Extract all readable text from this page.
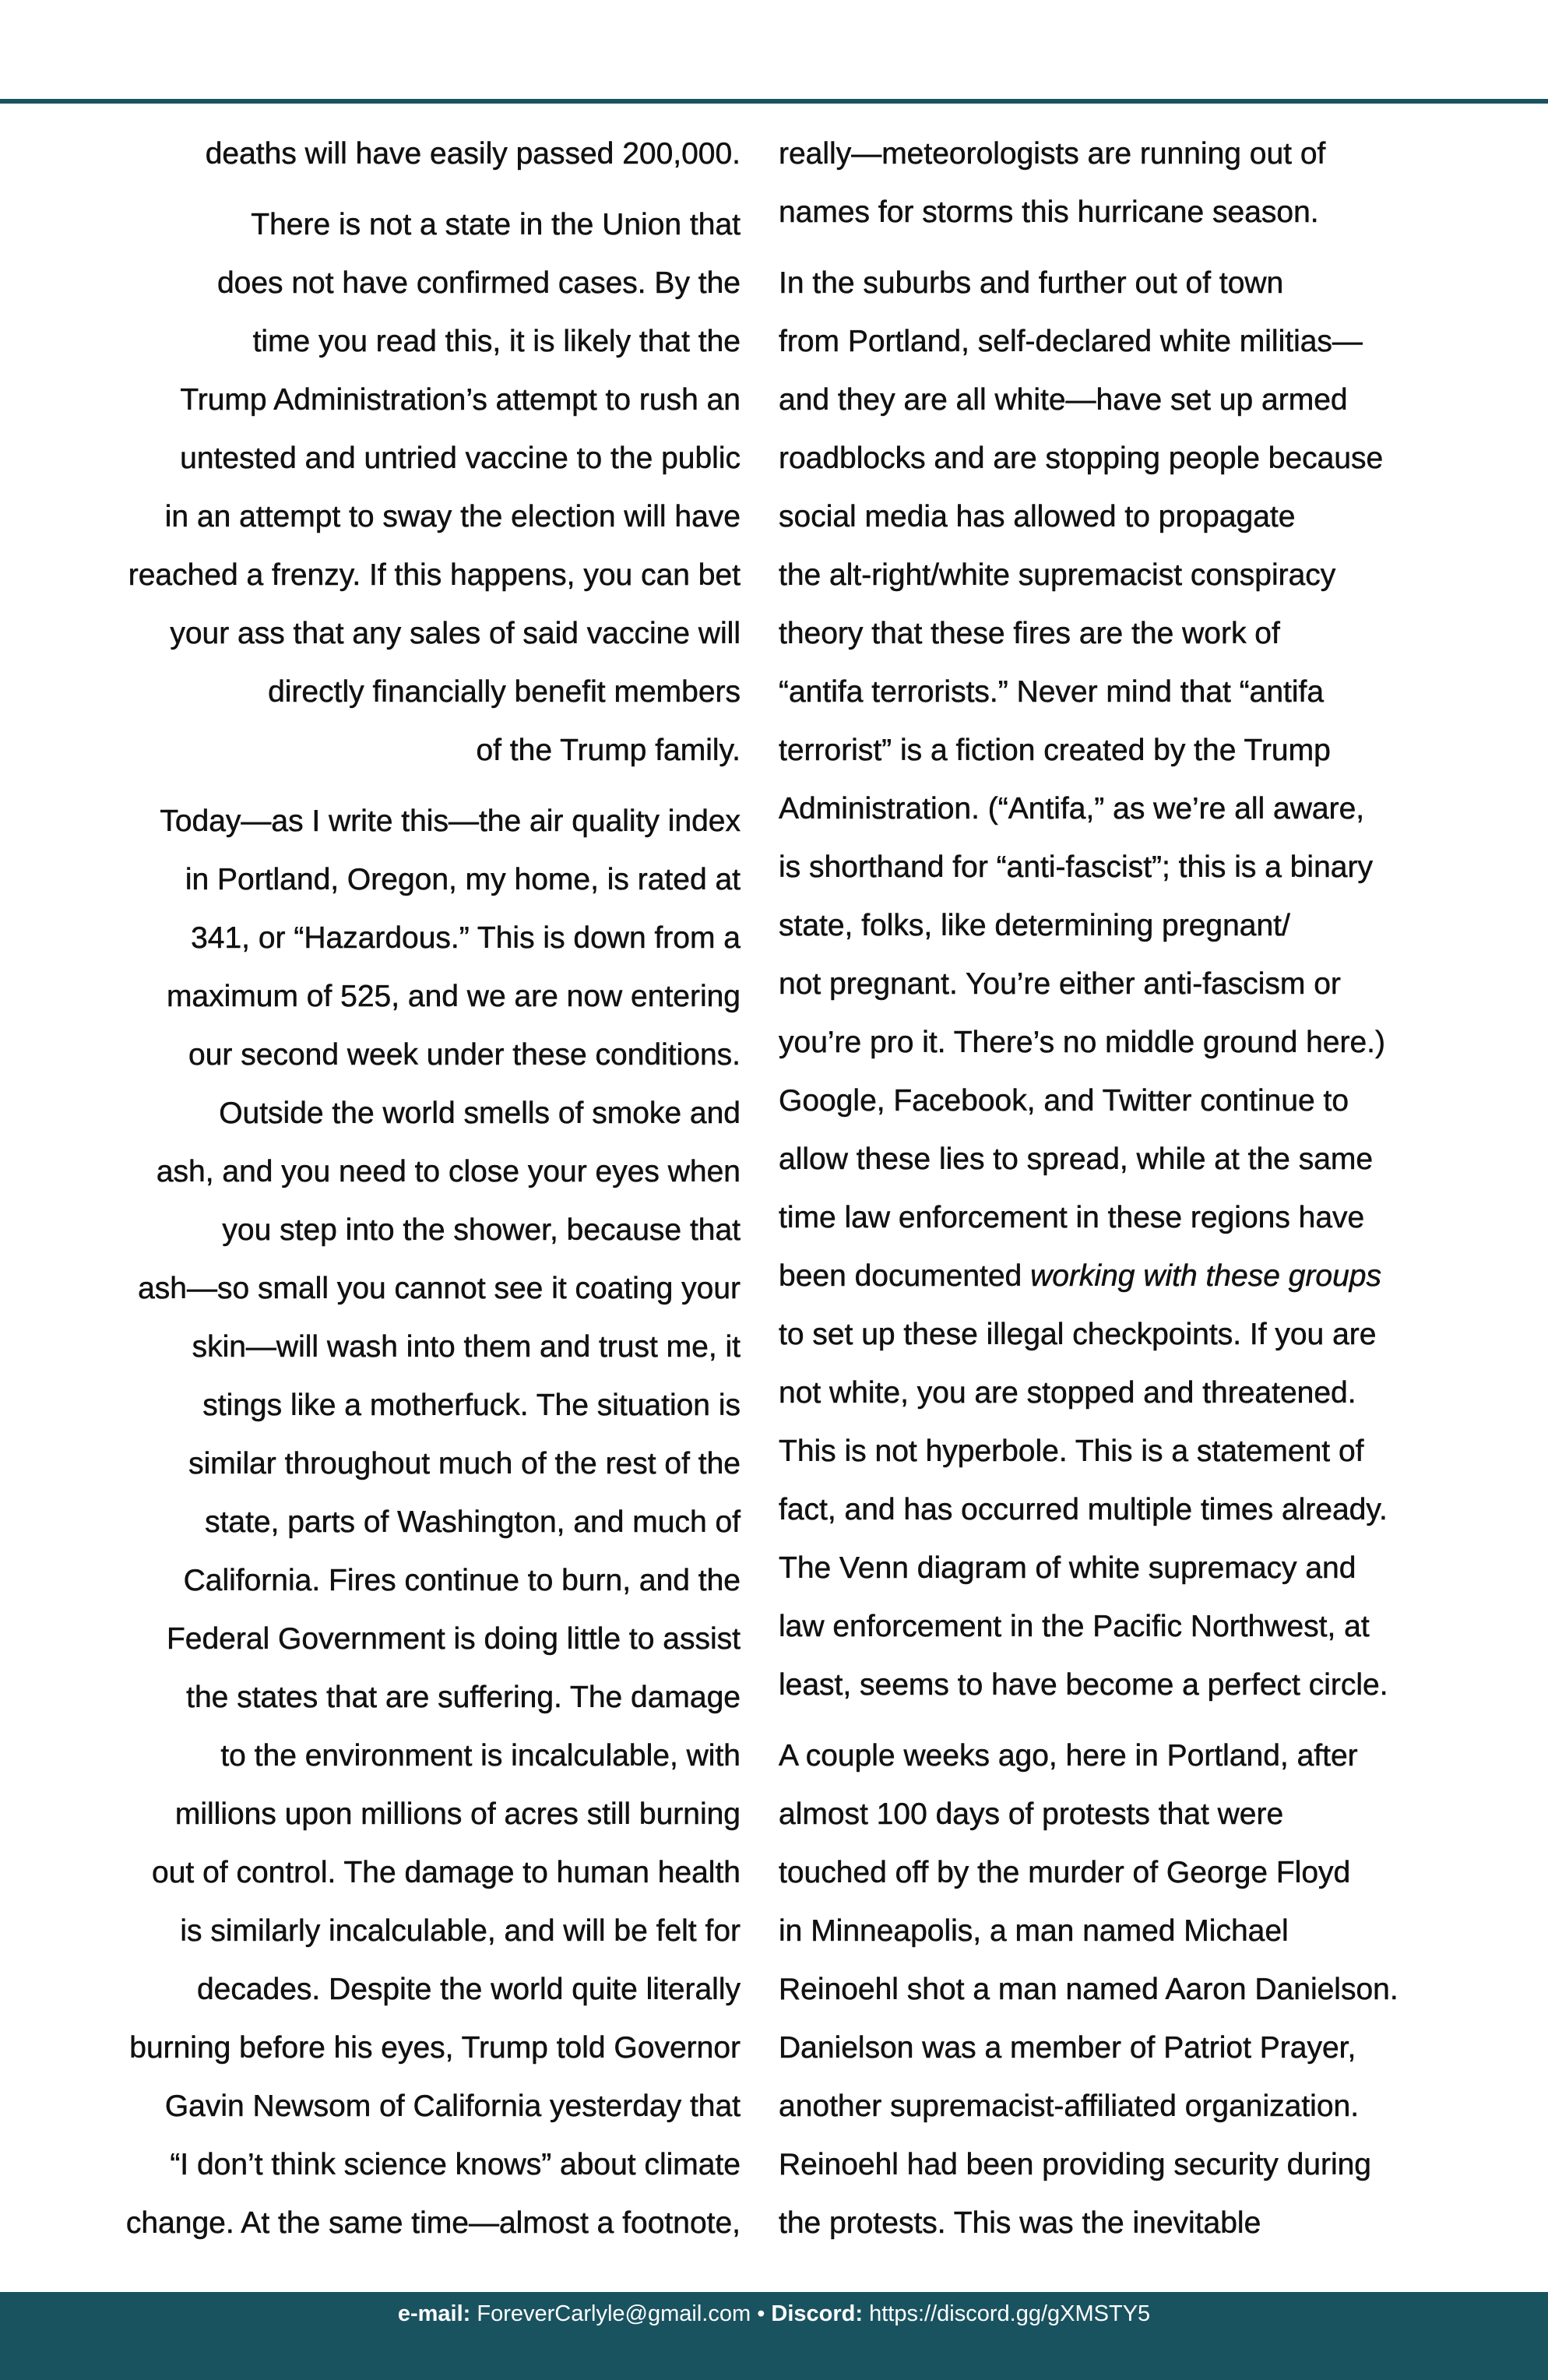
deaths will have easily passed 200,000.
There is not a state in the Union that
does not have confirmed cases. By the
time you read this, it is likely that the
Trump Administration’s attempt to rush an
untested and untried vaccine to the public
in an attempt to sway the election will have
reached a frenzy. If this happens, you can bet
your ass that any sales of said vaccine will
directly financially benefit members
of the Trump family.
Today—as I write this—the air quality index
in Portland, Oregon, my home, is rated at
341, or “Hazardous.” This is down from a
maximum of 525, and we are now entering
our second week under these conditions.
Outside the world smells of smoke and
ash, and you need to close your eyes when
you step into the shower, because that
ash—so small you cannot see it coating your
skin—will wash into them and trust me, it
stings like a motherfuck. The situation is
similar throughout much of the rest of the
state, parts of Washington, and much of
California. Fires continue to burn, and the
Federal Government is doing little to assist
the states that are suffering. The damage
to the environment is incalculable, with
millions upon millions of acres still burning
out of control. The damage to human health
is similarly incalculable, and will be felt for
decades. Despite the world quite literally
burning before his eyes, Trump told Governor
Gavin Newsom of California yesterday that
“I don’t think science knows” about climate
change. At the same time—almost a footnote,
really—meteorologists are running out of
names for storms this hurricane season.
In the suburbs and further out of town
from Portland, self-declared white militias—
and they are all white—have set up armed
roadblocks and are stopping people because
social media has allowed to propagate
the alt-right/white supremacist conspiracy
theory that these fires are the work of
“antifa terrorists.” Never mind that “antifa
terrorist” is a fiction created by the Trump
Administration. (“Antifa,” as we’re all aware,
is shorthand for “anti-fascist”; this is a binary
state, folks, like determining pregnant/
not pregnant. You’re either anti-fascism or
you’re pro it. There’s no middle ground here.)
Google, Facebook, and Twitter continue to
allow these lies to spread, while at the same
time law enforcement in these regions have
been documented working with these groups
to set up these illegal checkpoints. If you are
not white, you are stopped and threatened.
This is not hyperbole. This is a statement of
fact, and has occurred multiple times already.
The Venn diagram of white supremacy and
law enforcement in the Pacific Northwest, at
least, seems to have become a perfect circle.
A couple weeks ago, here in Portland, after
almost 100 days of protests that were
touched off by the murder of George Floyd
in Minneapolis, a man named Michael
Reinoehl shot a man named Aaron Danielson.
Danielson was a member of Patriot Prayer,
another supremacist-affiliated organization.
Reinoehl had been providing security during
the protests. This was the inevitable
e-mail: ForeverCarlyle@gmail.com • Discord: https://discord.gg/gXMSTY5
